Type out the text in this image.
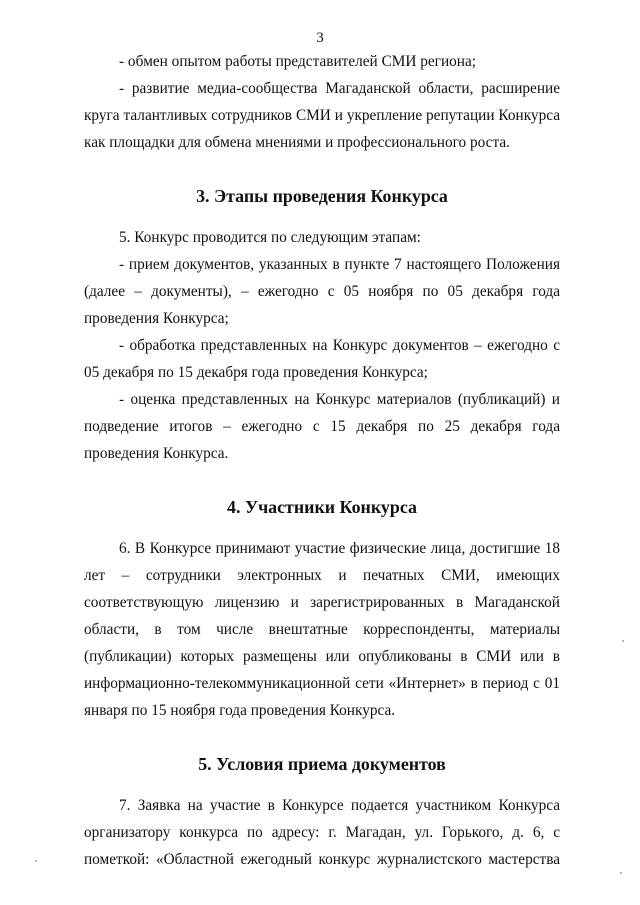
3

- обмен опытом работы представителей СМИ региона;

- развитие медиа-сообщества Магаданской области, расширение круга талантливых сотрудников СМИ и укрепление репутации Конкурса как площадки для обмена мнениями и профессионального роста.

3. Этапы проведения Конкурса

5. Конкурс проводится по следующим этапам:

- прием документов, указанных в пункте 7 настоящего Положения (далее – документы), – ежегодно с 05 ноября по 05 декабря года проведения Конкурса;

- обработка представленных на Конкурс документов – ежегодно с 05 декабря по 15 декабря года проведения Конкурса;

- оценка представленных на Конкурс материалов (публикаций) и подведение итогов – ежегодно с 15 декабря по 25 декабря года проведения Конкурса.

4. Участники Конкурса

6. В Конкурсе принимают участие физические лица, достигшие 18 лет – сотрудники электронных и печатных СМИ, имеющих соответствующую лицензию и зарегистрированных в Магаданской области, в том числе внештатные корреспонденты, материалы (публикации) которых размещены или опубликованы в СМИ или в информационно-телекоммуникационной сети «Интернет» в период с 01 января по 15 ноября года проведения Конкурса.

5. Условия приема документов

7. Заявка на участие в Конкурсе подается участником Конкурса организатору конкурса по адресу: г. Магадан, ул. Горького, д. 6, с пометкой: «Областной ежегодный конкурс журналистского мастерства
